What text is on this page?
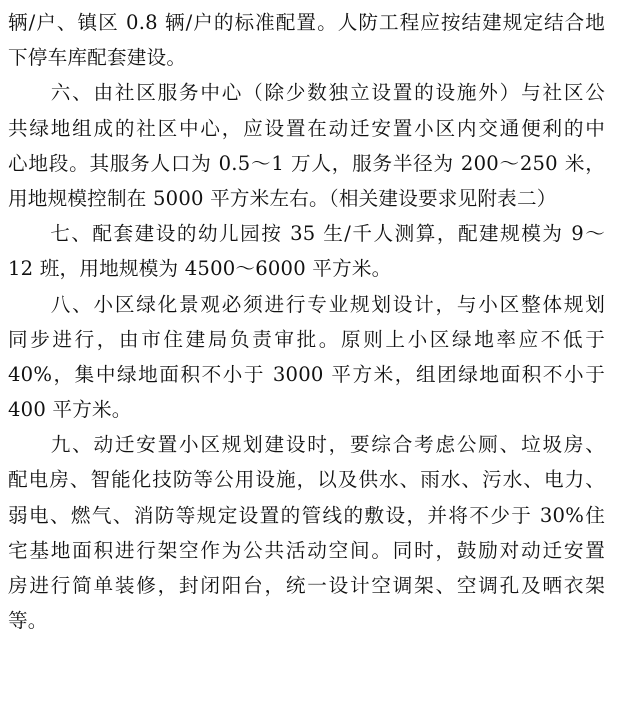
辆/户、镇区 0.8 辆/户的标准配置。人防工程应按结建规定结合地
下停车库配套建设。
　　六、由社区服务中心（除少数独立设置的设施外）与社区公
共绿地组成的社区中心，应设置在动迁安置小区内交通便利的中
心地段。其服务人口为 0.5～1 万人，服务半径为 200～250 米，
用地规模控制在 5000 平方米左右。（相关建设要求见附表二）
　　七、配套建设的幼儿园按 35 生/千人测算，配建规模为 9～
12 班，用地规模为 4500～6000 平方米。
　　八、小区绿化景观必须进行专业规划设计，与小区整体规划
同步进行，由市住建局负责审批。原则上小区绿地率应不低于
40%，集中绿地面积不小于 3000 平方米，组团绿地面积不小于
400 平方米。
　　九、动迁安置小区规划建设时，要综合考虑公厕、垃圾房、
配电房、智能化技防等公用设施，以及供水、雨水、污水、电力、
弱电、燃气、消防等规定设置的管线的敷设，并将不少于 30%住
宅基地面积进行架空作为公共活动空间。同时，鼓励对动迁安置
房进行简单装修，封闭阳台，统一设计空调架、空调孔及晒衣架
等。
